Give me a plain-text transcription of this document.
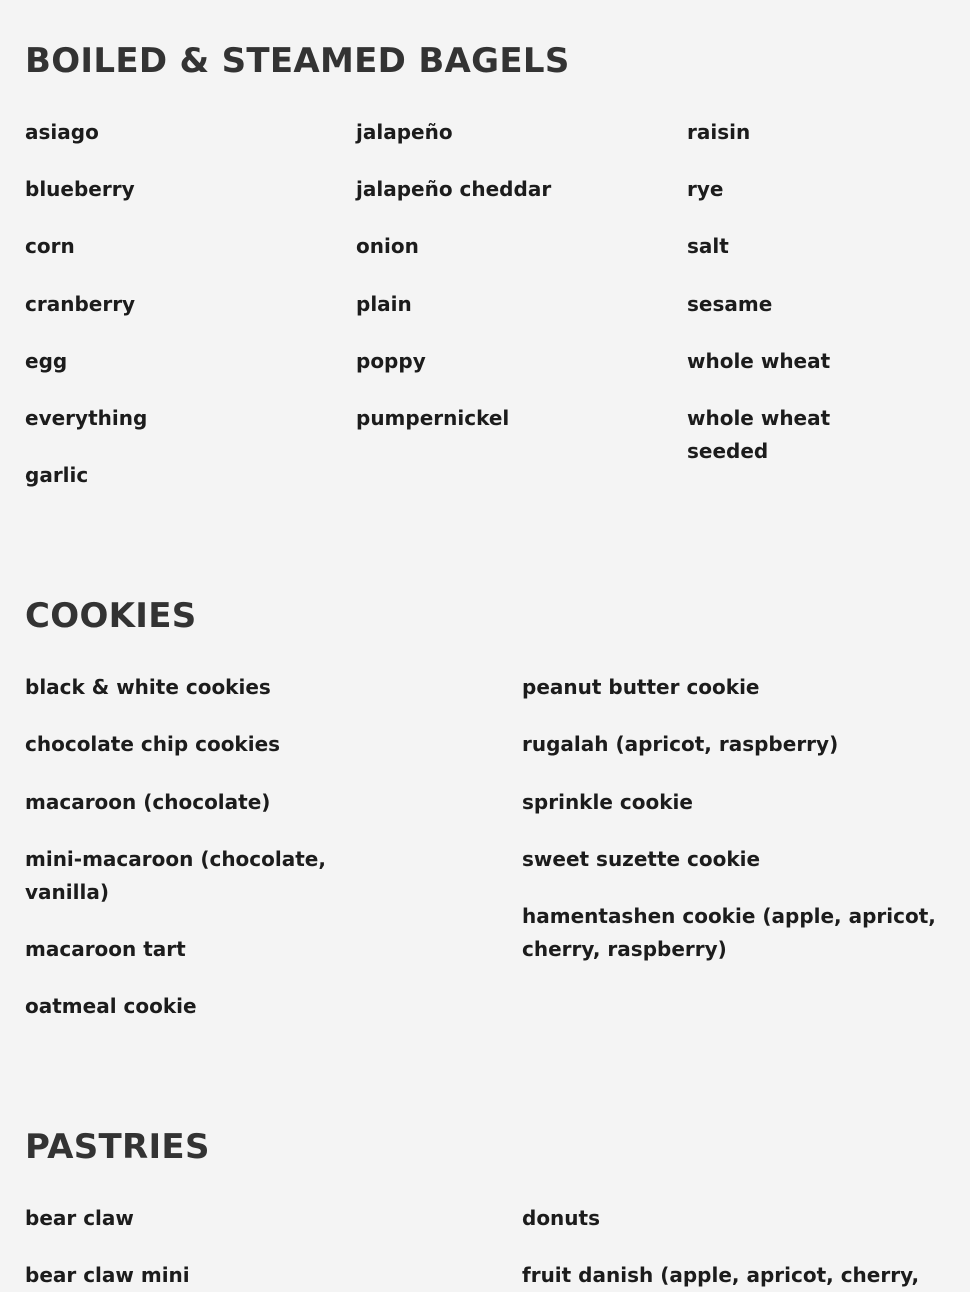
BOILED & STEAMED BAGELS
asiago
blueberry
corn
cranberry
egg
everything
garlic
jalapeño
jalapeño cheddar
onion
plain
poppy
pumpernickel
raisin
rye
salt
sesame
whole wheat
whole wheat
seeded
COOKIES
black & white cookies
chocolate chip cookies
macaroon (chocolate)
mini-macaroon (chocolate,
vanilla)
macaroon tart
oatmeal cookie
peanut butter cookie
rugalah (apricot, raspberry)
sprinkle cookie
sweet suzette cookie
hamentashen cookie (apple, apricot,
cherry, raspberry)
PASTRIES
bear claw
bear claw mini
donuts
fruit danish (apple, apricot, cherry,
